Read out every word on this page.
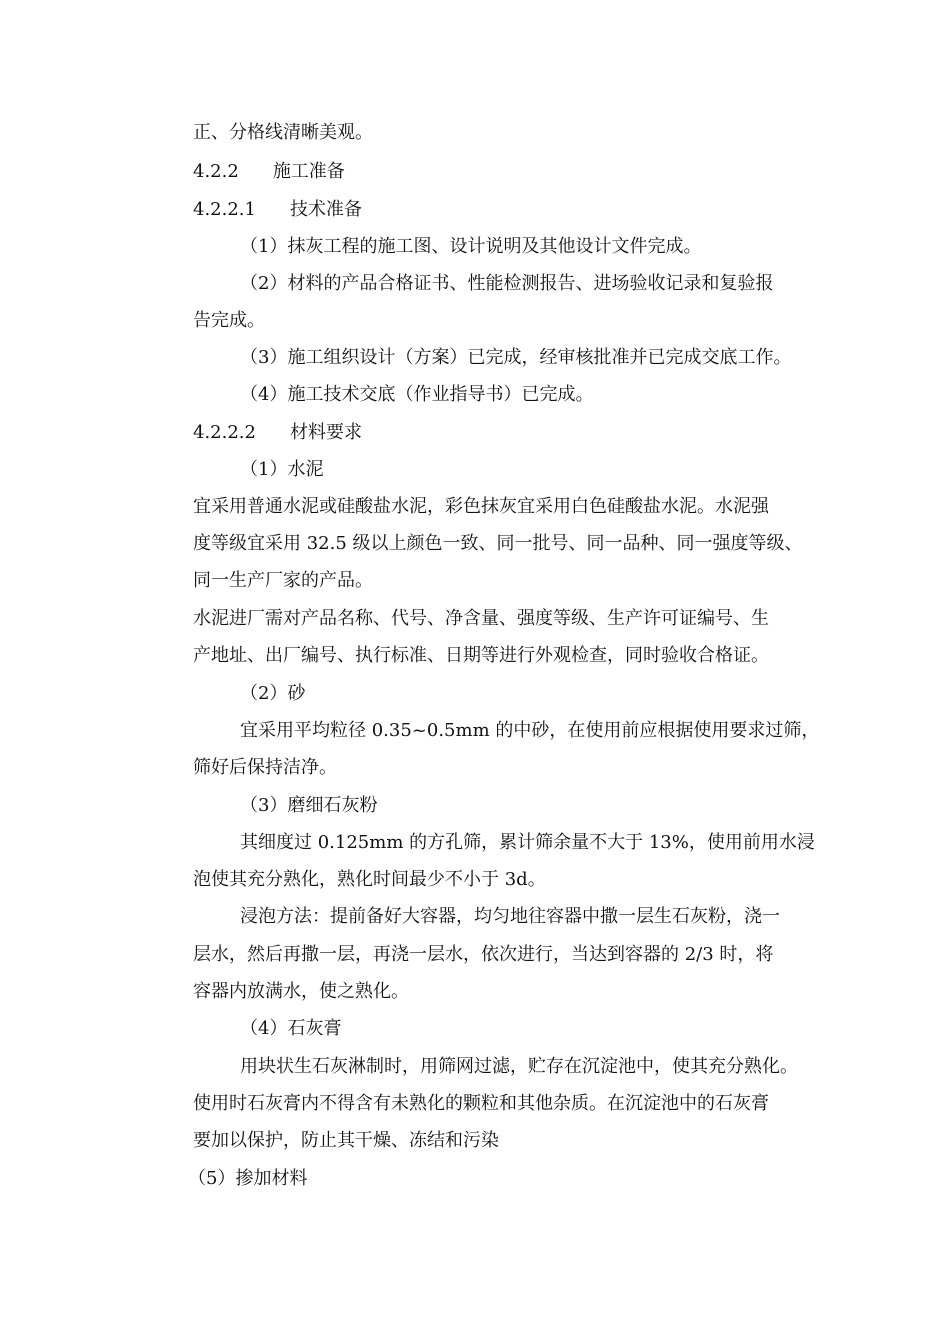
正、分格线清晰美观。
4.2.2 施工准备
4.2.2.1 技术准备
（1）抹灰工程的施工图、设计说明及其他设计文件完成。
（2）材料的产品合格证书、性能检测报告、进场验收记录和复验报
告完成。
（3）施工组织设计（方案）已完成，经审核批准并已完成交底工作。
（4）施工技术交底（作业指导书）已完成。
4.2.2.2 材料要求
（1）水泥
宜采用普通水泥或硅酸盐水泥，彩色抹灰宜采用白色硅酸盐水泥。水泥强
度等级宜采用 32.5 级以上颜色一致、同一批号、同一品种、同一强度等级、
同一生产厂家的产品。
水泥进厂需对产品名称、代号、净含量、强度等级、生产许可证编号、生
产地址、出厂编号、执行标准、日期等进行外观检查，同时验收合格证。
（2）砂
宜采用平均粒径 0.35~0.5mm 的中砂，在使用前应根据使用要求过筛，
筛好后保持洁净。
（3）磨细石灰粉
其细度过 0.125mm 的方孔筛，累计筛余量不大于 13%，使用前用水浸
泡使其充分熟化，熟化时间最少不小于 3d。
浸泡方法：提前备好大容器，均匀地往容器中撒一层生石灰粉，浇一
层水，然后再撒一层，再浇一层水，依次进行，当达到容器的 2/3 时，将
容器内放满水，使之熟化。
（4）石灰膏
用块状生石灰淋制时，用筛网过滤，贮存在沉淀池中，使其充分熟化。
使用时石灰膏内不得含有未熟化的颗粒和其他杂质。在沉淀池中的石灰膏
要加以保护，防止其干燥、冻结和污染
（5）掺加材料
